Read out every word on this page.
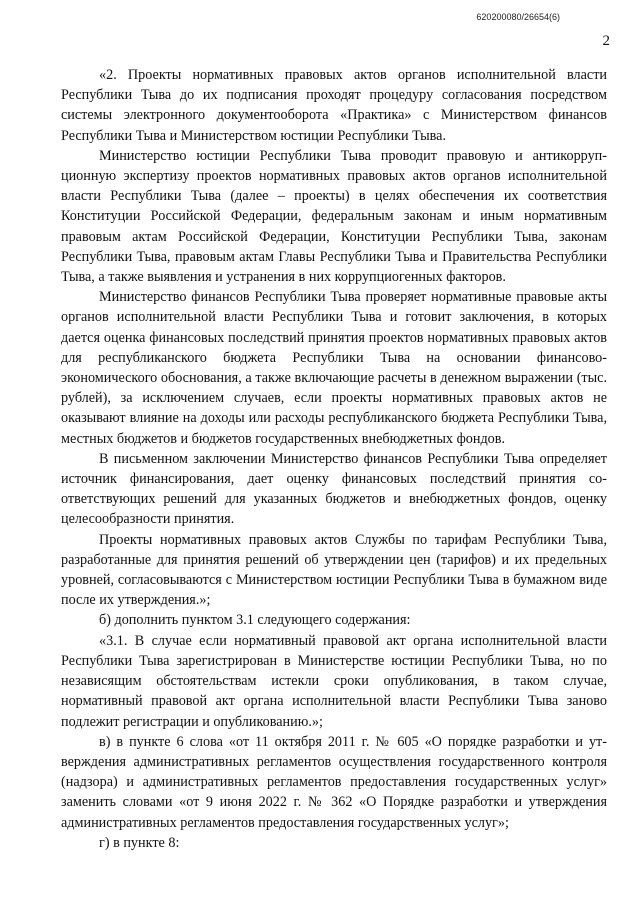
620200080/26654(6)
2

«2. Проекты нормативных правовых актов органов исполнительной власти Республики Тыва до их подписания проходят процедуру согласования посредством системы электронного документооборота «Практика» с Министерством финансов Республики Тыва и Министерством юстиции Республики Тыва.

Министерство юстиции Республики Тыва проводит правовую и антикоррупционную экспертизу проектов нормативных правовых актов органов исполнительной власти Республики Тыва (далее – проекты) в целях обеспечения их соответствия Конституции Российской Федерации, федеральным законам и иным нормативным правовым актам Российской Федерации, Конституции Республики Тыва, законам Республики Тыва, правовым актам Главы Республики Тыва и Правительства Республики Тыва, а также выявления и устранения в них коррупциогенных факторов.

Министерство финансов Республики Тыва проверяет нормативные правовые акты органов исполнительной власти Республики Тыва и готовит заключения, в которых дается оценка финансовых последствий принятия проектов нормативных правовых актов для республиканского бюджета Республики Тыва на основании финансово-экономического обоснования, а также включающие расчеты в денежном выражении (тыс. рублей), за исключением случаев, если проекты нормативных правовых актов не оказывают влияние на доходы или расходы республиканского бюджета Республики Тыва, местных бюджетов и бюджетов государственных внебюджетных фондов.

В письменном заключении Министерство финансов Республики Тыва определяет источник финансирования, дает оценку финансовых последствий принятия соответствующих решений для указанных бюджетов и внебюджетных фондов, оценку целесообразности принятия.

Проекты нормативных правовых актов Службы по тарифам Республики Тыва, разработанные для принятия решений об утверждении цен (тарифов) и их предельных уровней, согласовываются с Министерством юстиции Республики Тыва в бумажном виде после их утверждения.»;

б) дополнить пунктом 3.1 следующего содержания:

«3.1. В случае если нормативный правовой акт органа исполнительной власти Республики Тыва зарегистрирован в Министерстве юстиции Республики Тыва, но по независящим обстоятельствам истекли сроки опубликования, в таком случае, нормативный правовой акт органа исполнительной власти Республики Тыва заново подлежит регистрации и опубликованию.»;

в) в пункте 6 слова «от 11 октября 2011 г. № 605 «О порядке разработки и утверждения административных регламентов осуществления государственного контроля (надзора) и административных регламентов предоставления государственных услуг» заменить словами «от 9 июня 2022 г. № 362 «О Порядке разработки и утверждения административных регламентов предоставления государственных услуг»;

г) в пункте 8:
